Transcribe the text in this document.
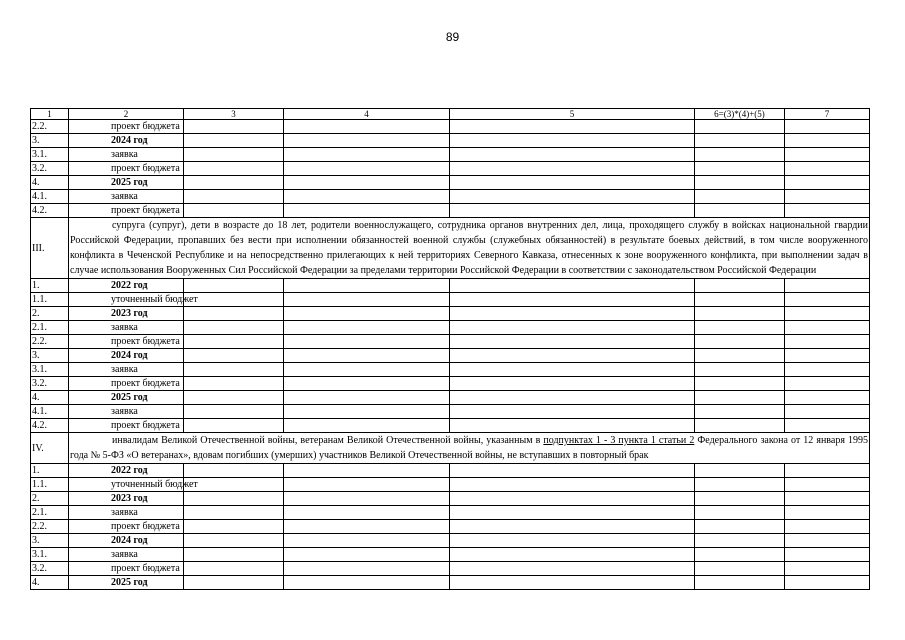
89
1	2	3	4	5	6=(3)*(4)+(5)	7
2.2.	проект бюджета					
3.	2024 год					
3.1.	заявка					
3.2.	проект бюджета					
4.	2025 год					
4.1.	заявка					
4.2.	проект бюджета					
III.	супруга (супруг), дети в возрасте до 18 лет, родители военнослужащего, сотрудника органов внутренних дел, лица, проходящего службу в войсках национальной гвардии Российской Федерации, пропавших без вести при исполнении обязанностей военной службы (служебных обязанностей) в результате боевых действий, в том числе вооруженного конфликта в Чеченской Республике и на непосредственно прилегающих к ней территориях Северного Кавказа, отнесенных к зоне вооруженного конфликта, при выполнении задач в случае использования Вооруженных Сил Российской Федерации за пределами территории Российской Федерации в соответствии с законодательством Российской Федерации					
1.	2022 год					
1.1.	уточненный бюджет					
2.	2023 год					
2.1.	заявка					
2.2.	проект бюджета					
3.	2024 год					
3.1.	заявка					
3.2.	проект бюджета					
4.	2025 год					
4.1.	заявка					
4.2.	проект бюджета					
IV.	инвалидам Великой Отечественной войны, ветеранам Великой Отечественной войны, указанным в подпунктах 1 - 3 пункта 1 статьи 2 Федерального закона от 12 января 1995 года № 5-ФЗ «О ветеранах», вдовам погибших (умерших) участников Великой Отечественной войны, не вступавших в повторный брак					
1.	2022 год					
1.1.	уточненный бюджет					
2.	2023 год					
2.1.	заявка					
2.2.	проект бюджета					
3.	2024 год					
3.1.	заявка					
3.2.	проект бюджета					
4.	2025 год					
